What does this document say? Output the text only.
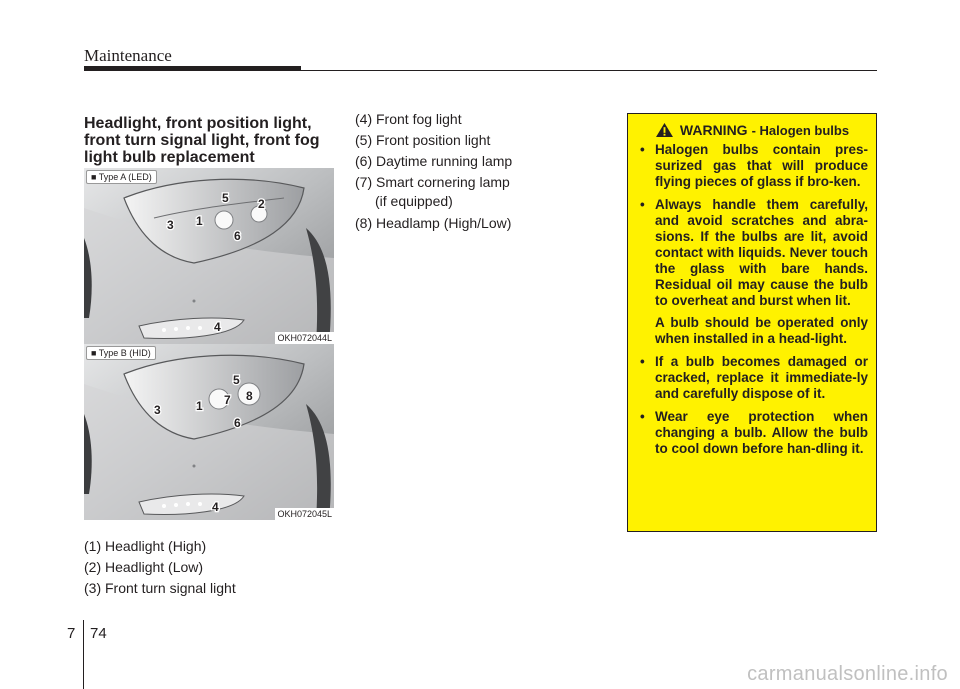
Maintenance
Headlight, front position light,
front turn signal light, front fog
light bulb replacement
5 2
3 1
6
4
■ Type A (LED)
OKH072044L
5
7 8
3	1
6
4
■ Type B (HID)
OKH072045L
(1) Headlight (High)
(2) Headlight (Low)
(3) Front turn signal light
(4) Front fog light
(5) Front position light
(6) Daytime running lamp
(7) Smart cornering lamp
(if equipped)
(8) Headlamp (High/Low)
WARNING - Halogen bulbs
• Halogen bulbs contain pres-surized gas that will produce flying pieces of glass if bro-ken.
• Always handle them carefully, and avoid scratches and abra-sions. If the bulbs are lit, avoid contact with liquids. Never touch the glass with bare hands. Residual oil may cause the bulb to overheat and burst when lit.
A bulb should be operated only when installed in a head-light.
• If a bulb becomes damaged or cracked, replace it immediate-ly and carefully dispose of it.
• Wear eye protection when changing a bulb. Allow the bulb to cool down before han-dling it.
7 74
carmanualsonline.info
